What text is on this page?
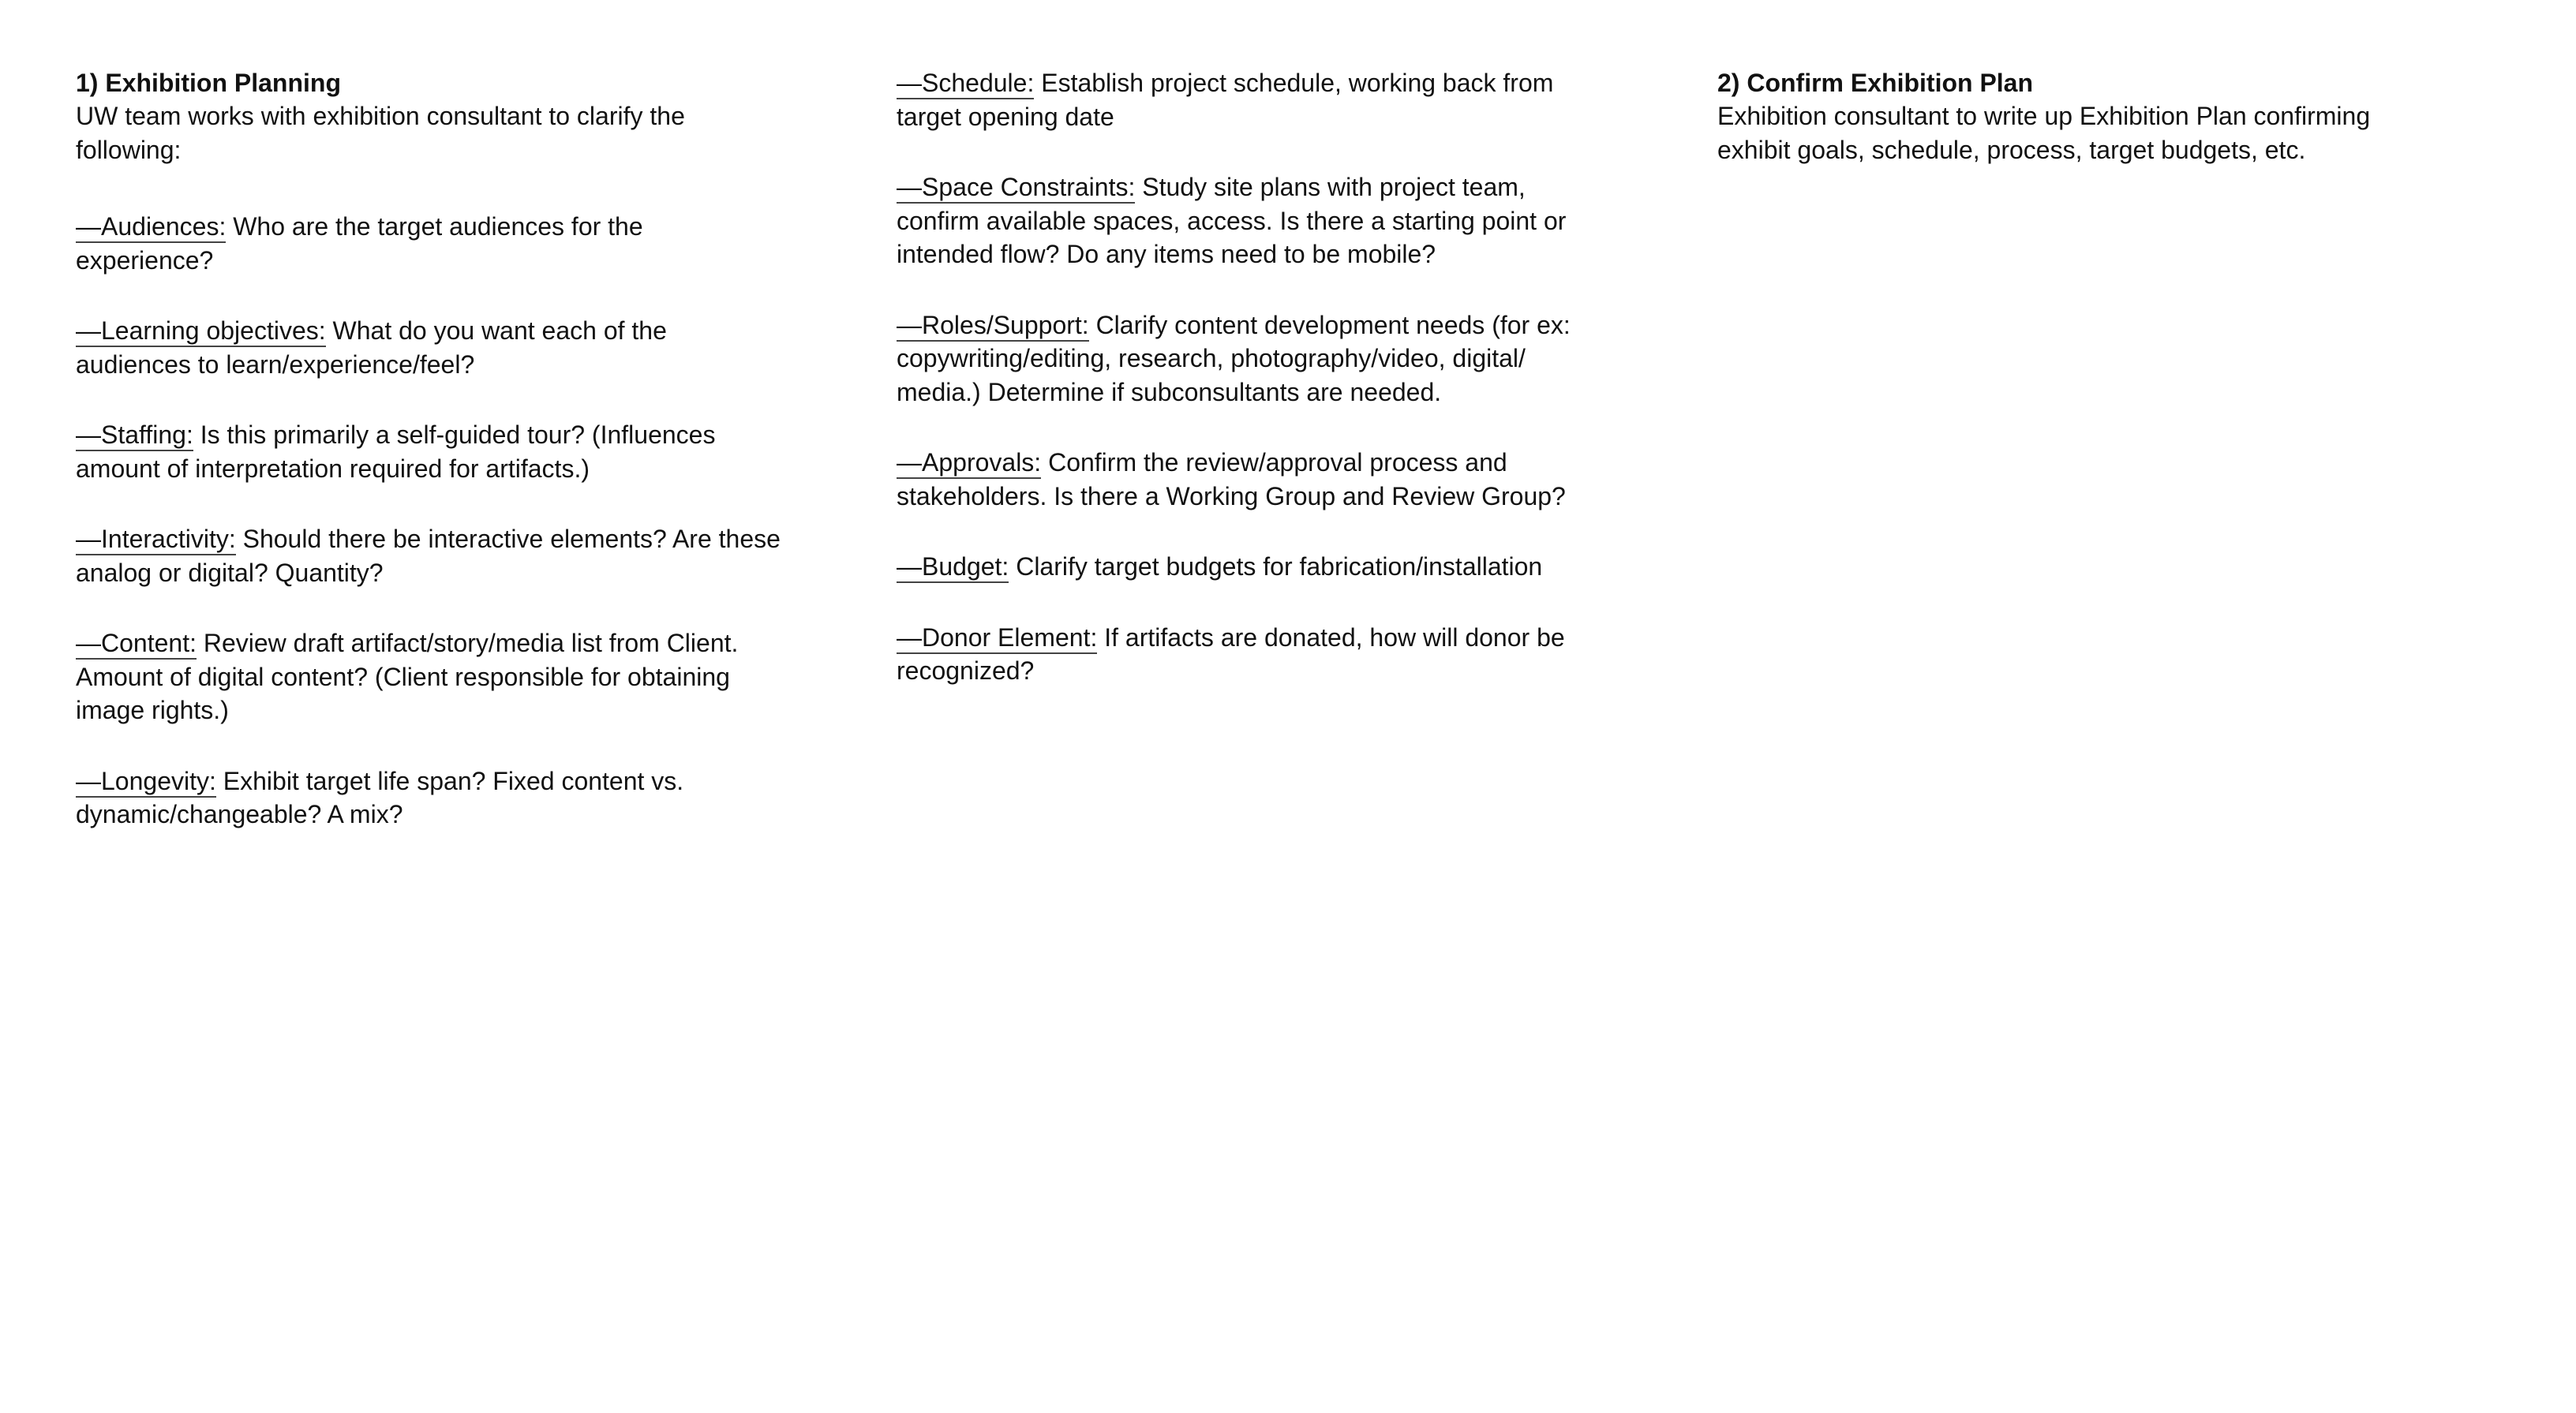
1) Exhibition Planning

UW team works with exhibition consultant to clarify the following:

—Audiences: Who are the target audiences for the experience?

—Learning objectives: What do you want each of the audiences to learn/experience/feel?

—Staffing: Is this primarily a self-guided tour? (Influences amount of interpretation required for artifacts.)

—Interactivity: Should there be interactive elements? Are these analog or digital? Quantity?

—Content: Review draft artifact/story/media list from Client. Amount of digital content? (Client responsible for obtaining image rights.)

—Longevity: Exhibit target life span? Fixed content vs. dynamic/changeable? A mix?

—Schedule: Establish project schedule, working back from target opening date

—Space Constraints: Study site plans with project team, confirm available spaces, access. Is there a starting point or intended flow? Do any items need to be mobile?

—Roles/Support: Clarify content development needs (for ex: copywriting/editing, research, photography/video, digital/ media.) Determine if subconsultants are needed.

—Approvals: Confirm the review/approval process and stakeholders. Is there a Working Group and Review Group?

—Budget: Clarify target budgets for fabrication/installation

—Donor Element: If artifacts are donated, how will donor be recognized?

2) Confirm Exhibition Plan

Exhibition consultant to write up Exhibition Plan confirming exhibit goals, schedule, process, target budgets, etc.
